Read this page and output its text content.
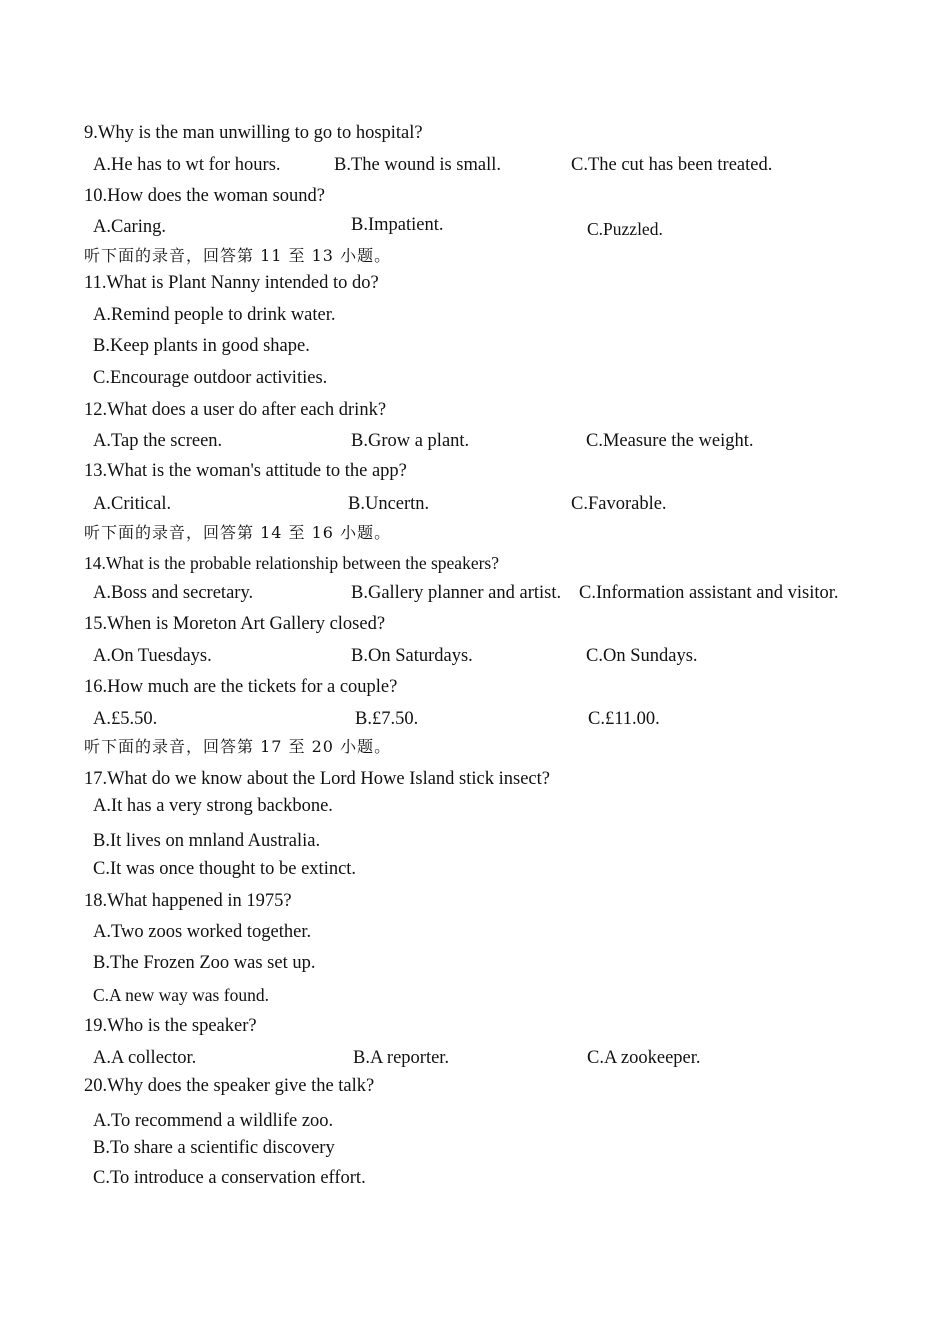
9.Why is the man unwilling to go to hospital?
A.He has to wt for hours.	B.The wound is small.	C.The cut has been treated.
10.How does the woman sound?
A.Caring.	B.Impatient.	C.Puzzled.
听下面的录音，回答第 11 至 13 小题。
11.What is Plant Nanny intended to do?
A.Remind people to drink water.
B.Keep plants in good shape.
C.Encourage outdoor activities.
12.What does a user do after each drink?
A.Tap the screen.	B.Grow a plant.	C.Measure the weight.
13.What is the woman's attitude to the app?
A.Critical.	B.Uncertn.	C.Favorable.
听下面的录音，回答第 14 至 16 小题。
14.What is the probable relationship between the speakers?
A.Boss and secretary.	B.Gallery planner and artist. C.Information assistant and visitor.
15.When is Moreton Art Gallery closed?
A.On Tuesdays.	B.On Saturdays.	C.On Sundays.
16.How much are the tickets for a couple?
A.£5.50.	B.£7.50.	C.£11.00.
听下面的录音，回答第 17 至 20 小题。
17.What do we know about the Lord Howe Island stick insect?
A.It has a very strong backbone.
B.It lives on mnland Australia.
C.It was once thought to be extinct.
18.What happened in 1975?
A.Two zoos worked together.
B.The Frozen Zoo was set up.
C.A new way was found.
19.Who is the speaker?
A.A collector.	B.A reporter.	C.A zookeeper.
20.Why does the speaker give the talk?
A.To recommend a wildlife zoo.
B.To share a scientific discovery
C.To introduce a conservation effort.
